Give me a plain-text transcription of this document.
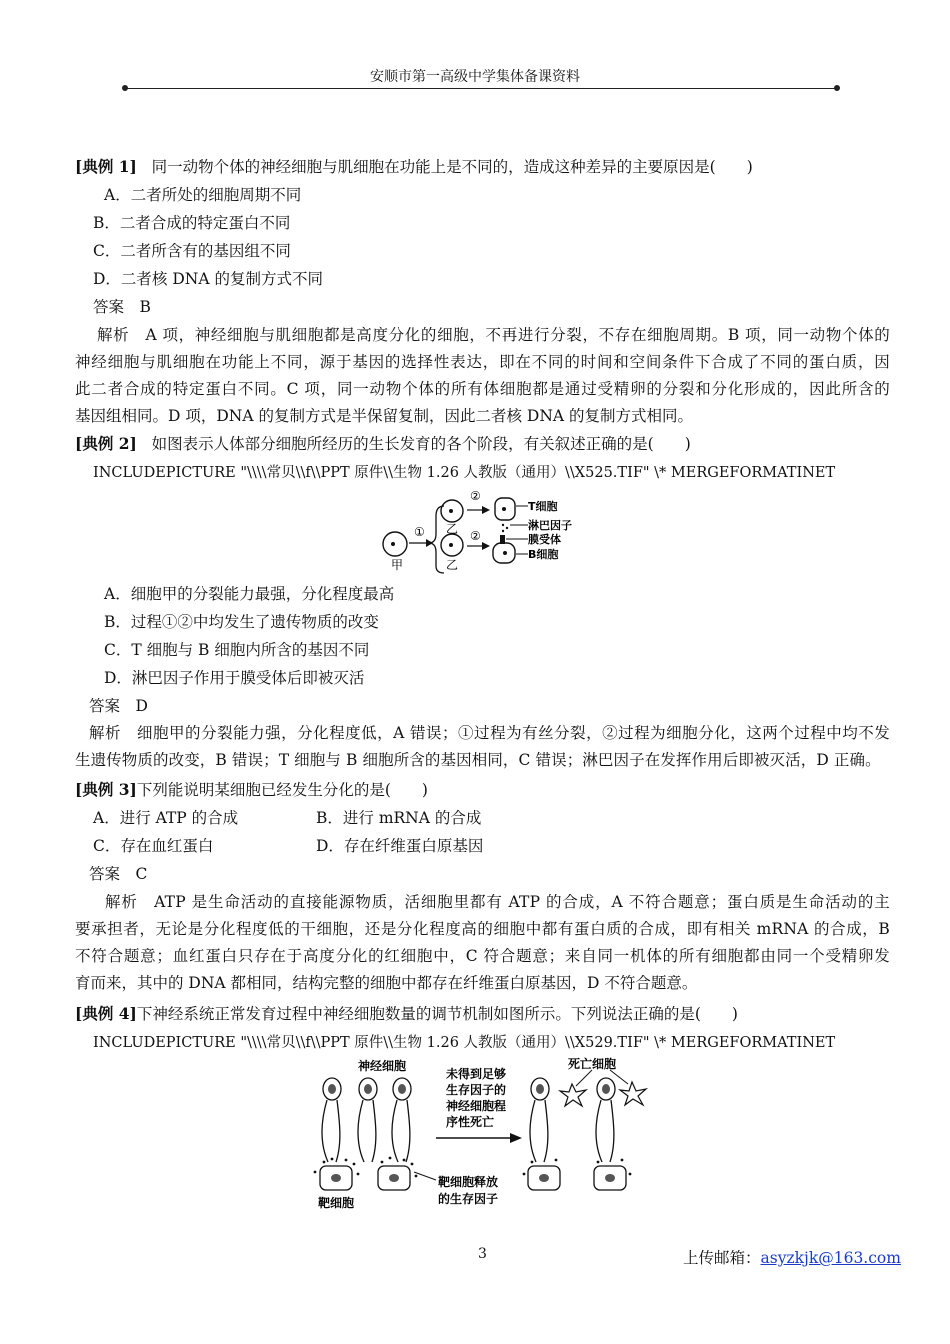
安顺市第一高级中学集体备课资料
[典例 1] 同一动物个体的神经细胞与肌细胞在功能上是不同的，造成这种差异的主要原因是(　　)
A．二者所处的细胞周期不同
B．二者合成的特定蛋白不同
C．二者所含有的基因组不同
D．二者核 DNA 的复制方式不同
答案　B
解析　A 项，神经细胞与肌细胞都是高度分化的细胞，不再进行分裂，不存在细胞周期。B 项，同一动物个体的
神经细胞与肌细胞在功能上不同，源于基因的选择性表达，即在不同的时间和空间条件下合成了不同的蛋白质，因
此二者合成的特定蛋白不同。C 项，同一动物个体的所有体细胞都是通过受精卵的分裂和分化形成的，因此所含的
基因组相同。D 项，DNA 的复制方式是半保留复制，因此二者核 DNA 的复制方式相同。
[典例 2] 如图表示人体部分细胞所经历的生长发育的各个阶段，有关叙述正确的是(　　)
INCLUDEPICTURE "\\\\常贝\\f\\PPT 原件\\生物 1.26 人教版（通用）\\X525.TIF" \* MERGEFORMATINET
甲
① 乙
乙
②
②
T细胞
淋巴因子
膜受体
B细胞
A．细胞甲的分裂能力最强，分化程度最高
B．过程①②中均发生了遗传物质的改变
C．T 细胞与 B 细胞内所含的基因不同
D．淋巴因子作用于膜受体后即被灭活
答案　D
解析　细胞甲的分裂能力强，分化程度低，A 错误；①过程为有丝分裂，②过程为细胞分化，这两个过程中均不发
生遗传物质的改变，B 错误；T 细胞与 B 细胞所含的基因相同，C 错误；淋巴因子在发挥作用后即被灭活，D 正确。
[典例 3]下列能说明某细胞已经发生分化的是(　　)
A．进行 ATP 的合成	B．进行 mRNA 的合成
C．存在血红蛋白	D．存在纤维蛋白原基因
答案　C
解析　ATP 是生命活动的直接能源物质，活细胞里都有 ATP 的合成，A 不符合题意；蛋白质是生命活动的主
要承担者，无论是分化程度低的干细胞，还是分化程度高的细胞中都有蛋白质的合成，即有相关 mRNA 的合成，B
不符合题意；血红蛋白只存在于高度分化的红细胞中，C 符合题意；来自同一机体的所有细胞都由同一个受精卵发
育而来，其中的 DNA 都相同，结构完整的细胞中都存在纤维蛋白原基因，D 不符合题意。
[典例 4]下神经系统正常发育过程中神经细胞数量的调节机制如图所示。下列说法正确的是(　　)
INCLUDEPICTURE "\\\\常贝\\f\\PPT 原件\\生物 1.26 人教版（通用）\\X529.TIF" \* MERGEFORMATINET
神经细胞
靶细胞
靶细胞释放
的生存因子
未得到足够
生存因子的
神经细胞程
序性死亡
死亡细胞
3	上传邮箱：asyzkjk@163.com
